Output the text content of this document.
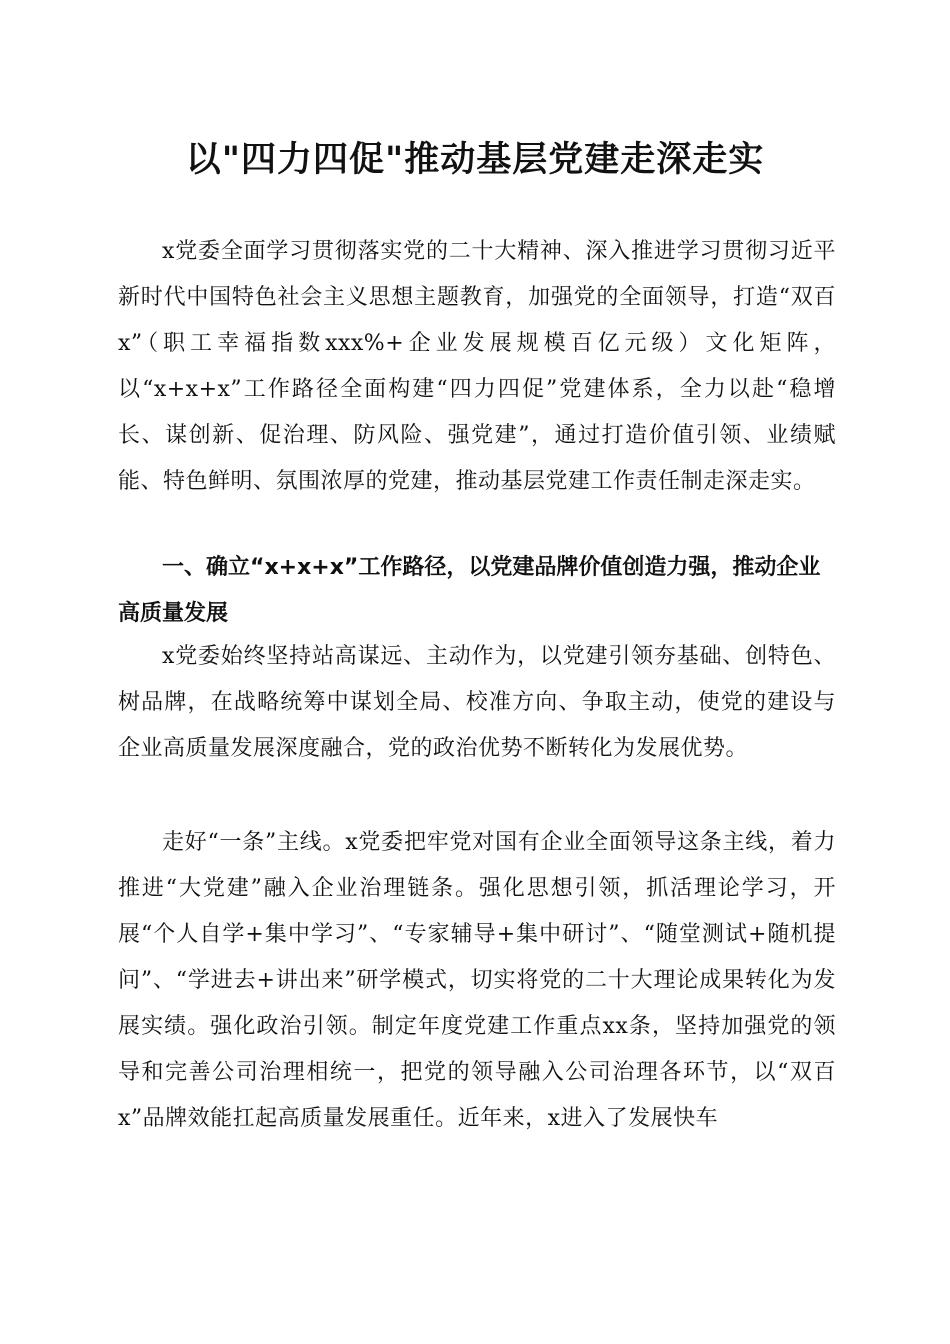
以"四力四促"推动基层党建走深走实

x党委全面学习贯彻落实党的二十大精神、深入推进学习贯彻习近平新时代中国特色社会主义思想主题教育，加强党的全面领导，打造“双百x”（职工幸福指数xxx%+企业发展规模百亿元级）文化矩阵，以“x+x+x”工作路径全面构建“四力四促”党建体系，全力以赴“稳增长、谋创新、促治理、防风险、强党建”，通过打造价值引领、业绩赋能、特色鲜明、氛围浓厚的党建，推动基层党建工作责任制走深走实。

一、确立“x+x+x”工作路径，以党建品牌价值创造力强，推动企业高质量发展

x党委始终坚持站高谋远、主动作为，以党建引领夯基础、创特色、树品牌，在战略统筹中谋划全局、校准方向、争取主动，使党的建设与企业高质量发展深度融合，党的政治优势不断转化为发展优势。

走好“一条”主线。x党委把牢党对国有企业全面领导这条主线，着力推进“大党建”融入企业治理链条。强化思想引领，抓活理论学习，开展“个人自学+集中学习”、“专家辅导+集中研讨”、“随堂测试+随机提问”、“学进去+讲出来”研学模式，切实将党的二十大理论成果转化为发展实绩。强化政治引领。制定年度党建工作重点xx条，坚持加强党的领导和完善公司治理相统一，把党的领导融入公司治理各环节，以“双百x”品牌效能扛起高质量发展重任。近年来，x进入了发展快车
